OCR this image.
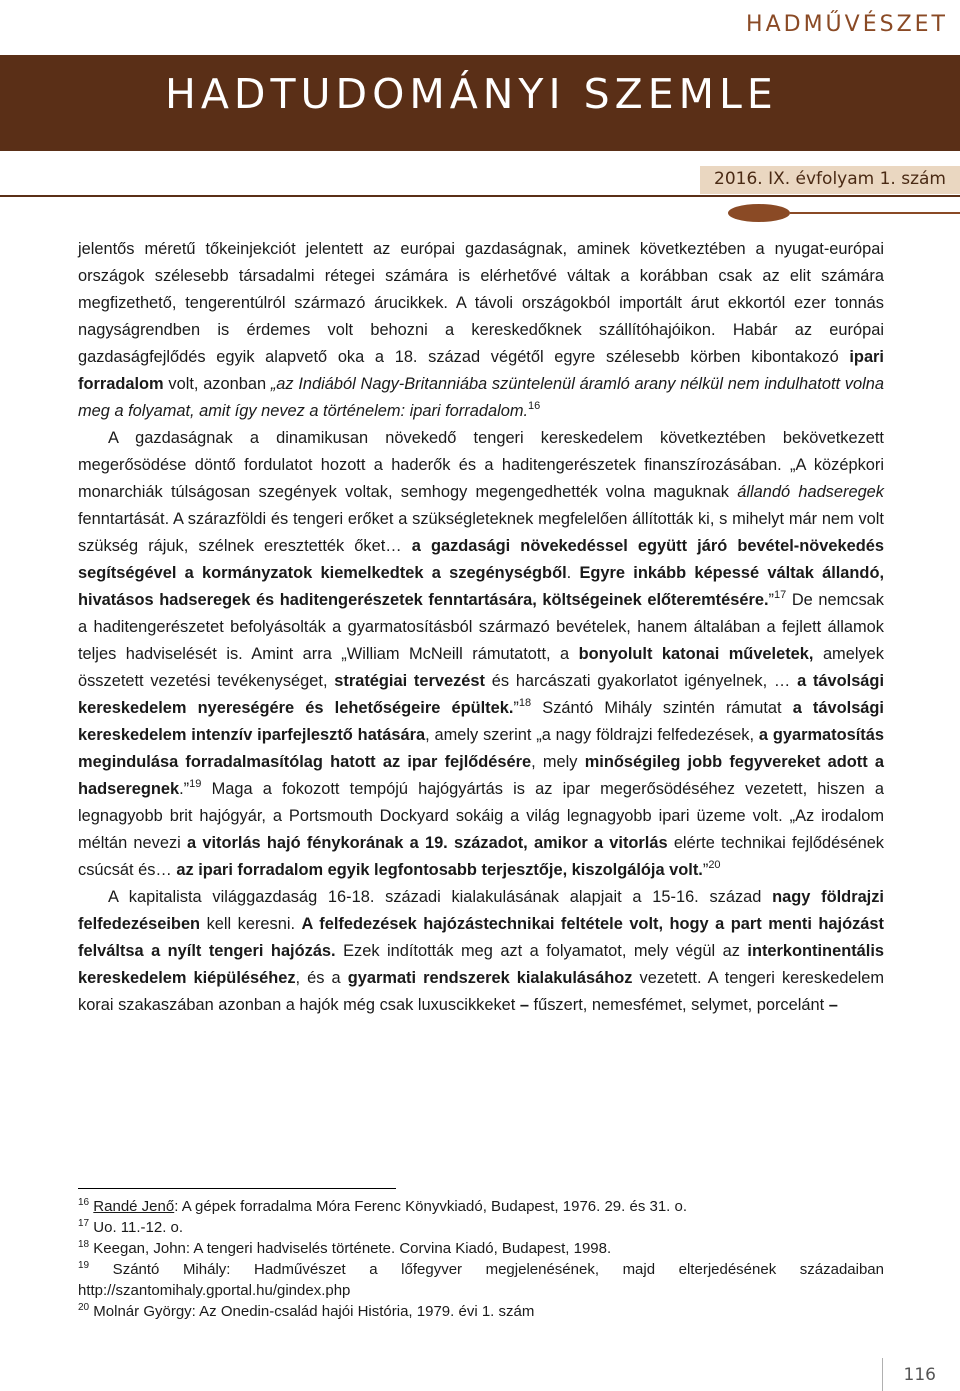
HADMŰVÉSZET
HADTUDOMÁNYI SZEMLE
2016. IX. évfolyam 1. szám

jelentős méretű tőkeinjekciót jelentett az európai gazdaságnak, aminek következtében a nyugat-európai országok szélesebb társadalmi rétegei számára is elérhetővé váltak a korábban csak az elit számára megfizethető, tengerentúlról származó árucikkek. A távoli országokból importált árut ekkortól ezer tonnás nagyságrendben is érdemes volt behozni a kereskedőknek szállítóhajóikon. Habár az európai gazdaságfejlődés egyik alapvető oka a 18. század végétől egyre szélesebb körben kibontakozó ipari forradalom volt, azonban „az Indiából Nagy-Britanniába szüntelenül áramló arany nélkül nem indulhatott volna meg a folyamat, amit így nevez a történelem: ipari forradalom.$^{16}$

A gazdaságnak a dinamikusan növekedő tengeri kereskedelem következtében bekövetkezett megerősödése döntő fordulatot hozott a haderők és a haditengerészetek finanszírozásában. „A középkori monarchiák túlságosan szegények voltak, semhogy megengedhették volna maguknak állandó hadseregek fenntartását. A szárazföldi és tengeri erőket a szükségleteknek megfelelően állították ki, s mihelyt már nem volt szükség rájuk, szélnek eresztették őket… a gazdasági növekedéssel együtt járó bevétel-növekedés segítségével a kormányzatok kiemelkedtek a szegénységből. Egyre inkább képessé váltak állandó, hivatásos hadseregek és haditengerészetek fenntartására, költségeinek előteremtésére.”$^{17}$ De nemcsak a haditengerészetet befolyásolták a gyarmatosításból származó bevételek, hanem általában a fejlett államok teljes hadviselését is. Amint arra „William McNeill rámutatott, a bonyolult katonai műveletek, amelyek összetett vezetési tevékenységet, stratégiai tervezést és harcászati gyakorlatot igényelnek, … a távolsági kereskedelem nyereségére és lehetőségeire épültek.”$^{18}$ Szántó Mihály szintén rámutat a távolsági kereskedelem intenzív iparfejlesztő hatására, amely szerint „a nagy földrajzi felfedezések, a gyarmatosítás megindulása forradalmasítólag hatott az ipar fejlődésére, mely minőségileg jobb fegyvereket adott a hadseregnek.”$^{19}$ Maga a fokozott tempójú hajógyártás is az ipar megerősödéséhez vezetett, hiszen a legnagyobb brit hajógyár, a Portsmouth Dockyard sokáig a világ legnagyobb ipari üzeme volt. „Az irodalom méltán nevezi a vitorlás hajó fénykorának a 19. századot, amikor a vitorlás elérte technikai fejlődésének csúcsát és… az ipari forradalom egyik legfontosabb terjesztője, kiszolgálója volt.”$^{20}$

A kapitalista világgazdaság 16-18. századi kialakulásának alapjait a 15-16. század nagy földrajzi felfedezéseiben kell keresni. A felfedezések hajózástechnikai feltétele volt, hogy a part menti hajózást felváltsa a nyílt tengeri hajózás. Ezek indították meg azt a folyamatot, mely végül az interkontinentális kereskedelem kiépüléséhez, és a gyarmati rendszerek kialakulásához vezetett. A tengeri kereskedelem korai szakaszában azonban a hajók még csak luxuscikkeket – fűszert, nemesfémet, selymet, porcelánt –

$^{16}$ Randé Jenő: A gépek forradalma Móra Ferenc Könyvkiadó, Budapest, 1976. 29. és 31. o.
$^{17}$ Uo. 11.-12. o.
$^{18}$ Keegan, John: A tengeri hadviselés története. Corvina Kiadó, Budapest, 1998.
$^{19}$ Szántó Mihály: Hadművészet a lőfegyver megjelenésének, majd elterjedésének századaiban http://szantomihaly.gportal.hu/gindex.php
$^{20}$ Molnár György: Az Onedin-család hajói História, 1979. évi 1. szám
116
